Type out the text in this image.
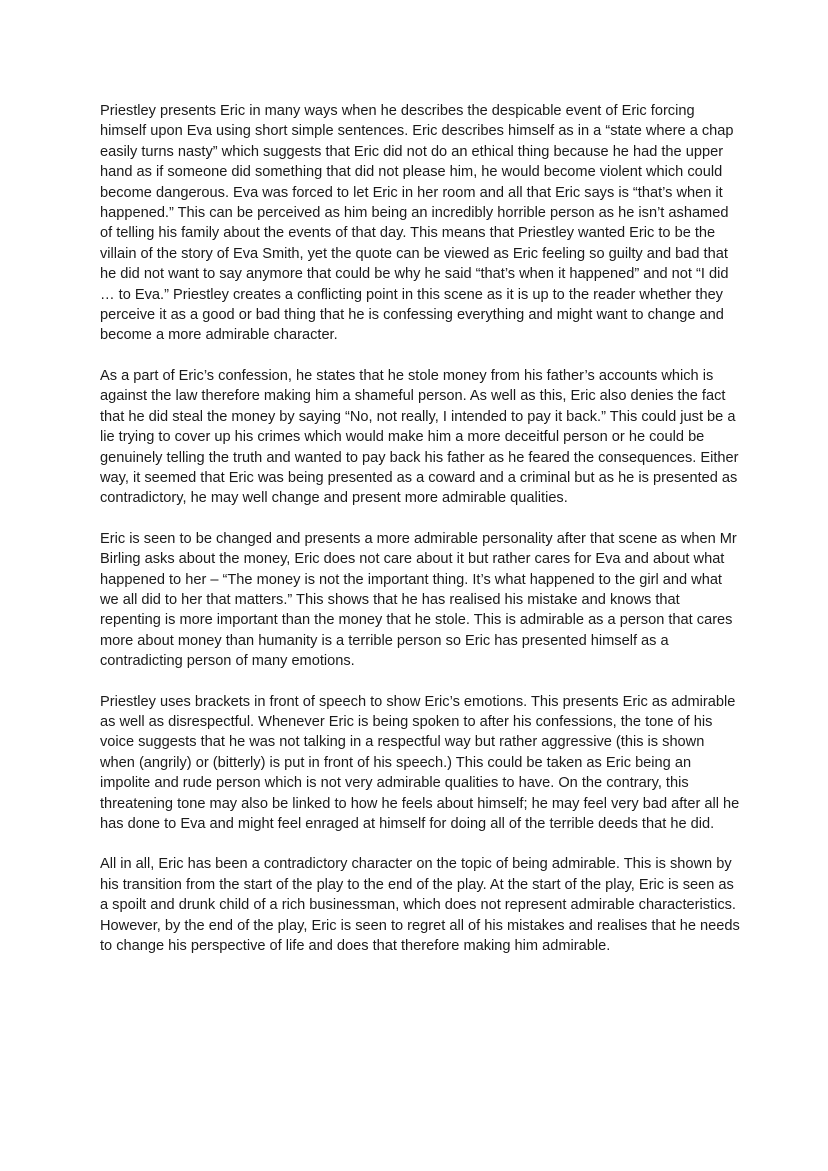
Priestley presents Eric in many ways when he describes the despicable event of Eric forcing himself upon Eva using short simple sentences. Eric describes himself as in a “state where a chap easily turns nasty” which suggests that Eric did not do an ethical thing because he had the upper hand as if someone did something that did not please him, he would become violent which could become dangerous. Eva was forced to let Eric in her room and all that Eric says is “that’s when it happened.” This can be perceived as him being an incredibly horrible person as he isn’t ashamed of telling his family about the events of that day. This means that Priestley wanted Eric to be the villain of the story of Eva Smith, yet the quote can be viewed as Eric feeling so guilty and bad that he did not want to say anymore that could be why he said “that’s when it happened” and not “I did … to Eva.” Priestley creates a conflicting point in this scene as it is up to the reader whether they perceive it as a good or bad thing that he is confessing everything and might want to change and become a more admirable character.

As a part of Eric’s confession, he states that he stole money from his father’s accounts which is against the law therefore making him a shameful person. As well as this, Eric also denies the fact that he did steal the money by saying “No, not really, I intended to pay it back.” This could just be a lie trying to cover up his crimes which would make him a more deceitful person or he could be genuinely telling the truth and wanted to pay back his father as he feared the consequences. Either way, it seemed that Eric was being presented as a coward and a criminal but as he is presented as contradictory, he may well change and present more admirable qualities.

Eric is seen to be changed and presents a more admirable personality after that scene as when Mr Birling asks about the money, Eric does not care about it but rather cares for Eva and about what happened to her – “The money is not the important thing. It’s what happened to the girl and what we all did to her that matters.” This shows that he has realised his mistake and knows that repenting is more important than the money that he stole. This is admirable as a person that cares more about money than humanity is a terrible person so Eric has presented himself as a contradicting person of many emotions.

Priestley uses brackets in front of speech to show Eric’s emotions. This presents Eric as admirable as well as disrespectful. Whenever Eric is being spoken to after his confessions, the tone of his voice suggests that he was not talking in a respectful way but rather aggressive (this is shown when (angrily) or (bitterly) is put in front of his speech.) This could be taken as Eric being an impolite and rude person which is not very admirable qualities to have. On the contrary, this threatening tone may also be linked to how he feels about himself; he may feel very bad after all he has done to Eva and might feel enraged at himself for doing all of the terrible deeds that he did.

All in all, Eric has been a contradictory character on the topic of being admirable. This is shown by his transition from the start of the play to the end of the play. At the start of the play, Eric is seen as a spoilt and drunk child of a rich businessman, which does not represent admirable characteristics. However, by the end of the play, Eric is seen to regret all of his mistakes and realises that he needs to change his perspective of life and does that therefore making him admirable.
